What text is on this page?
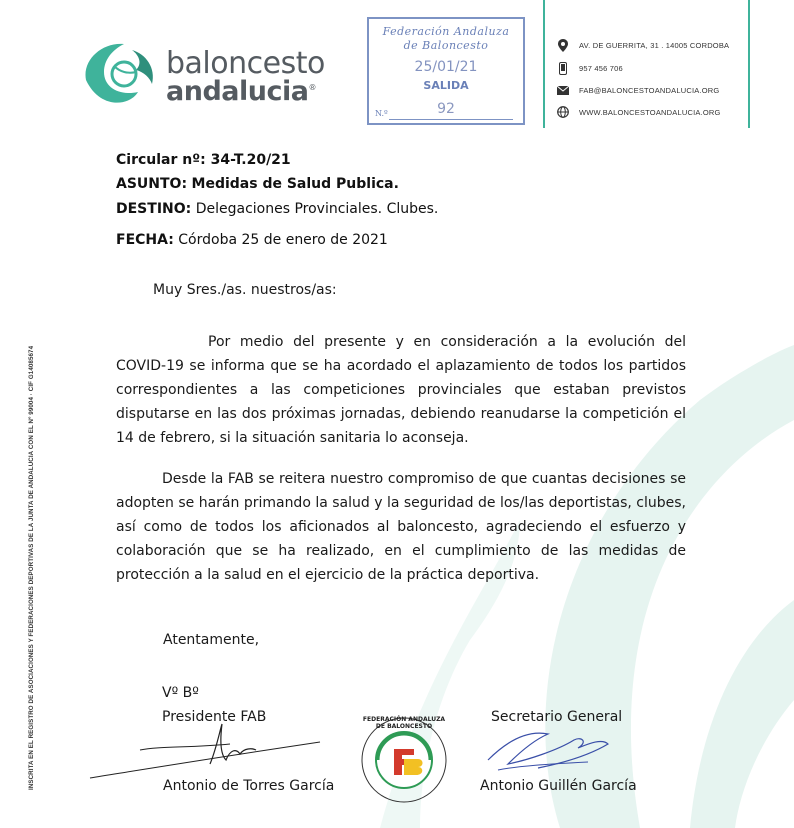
baloncesto
andalucia®
Federación Andaluza
de Baloncesto
25/01/21
SALIDA
92
N.º
AV. DE GUERRITA, 31 . 14005 CORDOBA
957 456 706
FAB@BALONCESTOANDALUCIA.ORG
WWW.BALONCESTOANDALUCIA.ORG
INSCRITA EN EL REGISTRO DE ASOCIACIONES Y FEDERACIONES DEPORTIVAS DE LA JUNTA DE ANDALUCIA CON EL Nº 99004 · CIF G14085674
Circular nº: 34-T.20/21
ASUNTO: Medidas de Salud Publica.
DESTINO: Delegaciones Provinciales. Clubes.
FECHA: Córdoba 25 de enero de 2021
Muy Sres./as. nuestros/as:
Por medio del presente y en consideración a la evolución del COVID-19 se informa que se ha acordado el aplazamiento de todos los partidos correspondientes a las competiciones provinciales que estaban previstos disputarse en las dos próximas jornadas, debiendo reanudarse la competición el 14 de febrero, si la situación sanitaria lo aconseja.
Desde la FAB se reitera nuestro compromiso de que cuantas decisiones se adopten se harán primando la salud y la seguridad de los/las deportistas, clubes, así como de todos los aficionados al baloncesto, agradeciendo el esfuerzo y colaboración que se ha realizado, en el cumplimiento de las medidas de protección a la salud en el ejercicio de la práctica deportiva.
Atentamente,
Vº Bº
Presidente FAB	Secretario General
FEDERACIÓN ANDALUZA DE BALONCESTO
Antonio de Torres García	Antonio Guillén García
